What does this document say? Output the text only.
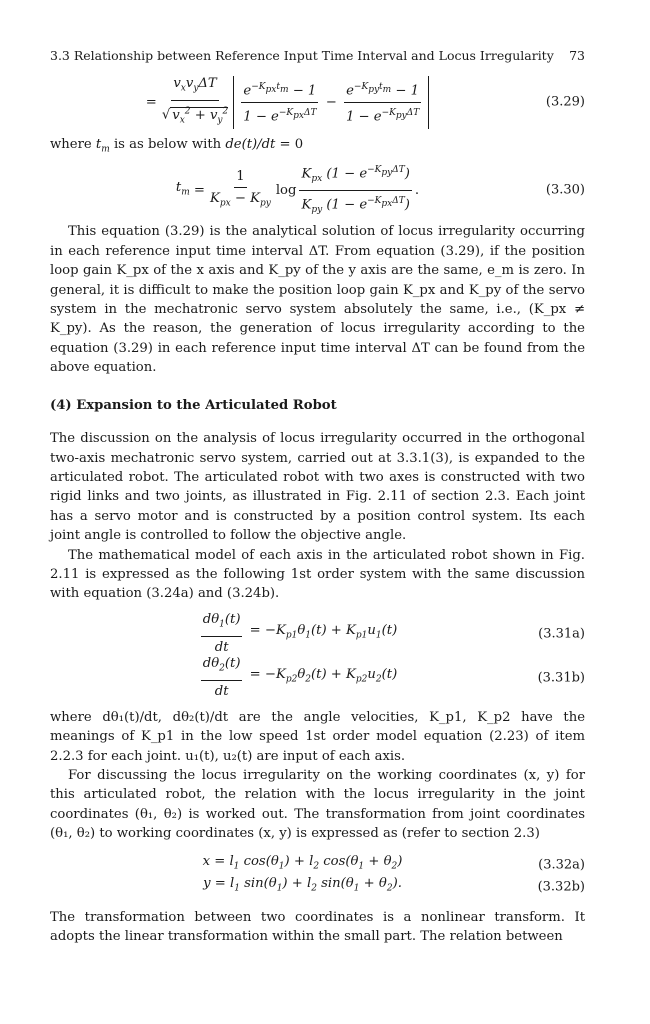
3.3 Relationship between Reference Input Time Interval and Locus Irregularity 73
= $\frac{v_xv_y\Delta T}{√ v_x^2 + v_y^2} \frac{e^{-K_{px}t_m} - 1}{1 - e^{-K_{px}\Delta T}} - \frac{e^{-K_{py}t_m} - 1}{1 - e^{-K_{py}\Delta T}}$	(3.29)

where $t_m$ is as below with de(t)/dt = 0

$t_m = \frac{1}{K_{px} - K_{py}}$ $\log \frac{K_{px} (1 - e^{-K_{py}\Delta T})}{K_{py} (1 - e^{-K_{px}\Delta T})}$ .	(3.30)

This equation (3.29) is the analytical solution of locus irregularity occurring in each reference input time interval ΔT. From equation (3.29), if the position loop gain K_px of the x axis and K_py of the y axis are the same, e_m is zero. In general, it is difficult to make the position loop gain K_px and K_py of the servo system in the mechatronic servo system absolutely the same, i.e., (K_px ≠ K_py). As the reason, the generation of locus irregularity according to the equation (3.29) in each reference input time interval ΔT can be found from the above equation.

(4) Expansion to the Articulated Robot

The discussion on the analysis of locus irregularity occurred in the orthogonal two-axis mechatronic servo system, carried out at 3.3.1(3), is expanded to the articulated robot. The articulated robot with two axes is constructed with two rigid links and two joints, as illustrated in Fig. 2.11 of section 2.3. Each joint has a servo motor and is constructed by a position control system. Its each joint angle is controlled to follow the objective angle.

The mathematical model of each axis in the articulated robot shown in Fig. 2.11 is expressed as the following 1st order system with the same discussion with equation (3.24a) and (3.24b).

$\frac{d\theta_1(t)}{dt} = -K_{p1}\theta_1(t) + K_{p1}u_1(t)$	(3.31a)
$\frac{d\theta_2(t)}{dt} = -K_{p2}\theta_2(t) + K_{p2}u_2(t)$	(3.31b)

where dθ₁(t)/dt, dθ₂(t)/dt are the angle velocities, K_p1, K_p2 have the meanings of K_p1 in the low speed 1st order model equation (2.23) of item 2.2.3 for each joint. u₁(t), u₂(t) are input of each axis.

For discussing the locus irregularity on the working coordinates (x, y) for this articulated robot, the relation with the locus irregularity in the joint coordinates (θ₁, θ₂) is worked out. The transformation from joint coordinates (θ₁, θ₂) to working coordinates (x, y) is expressed as (refer to section 2.3)

$x = l_1$ $\cos(\theta_1) + l_2$ $\cos(\theta_1 + \theta_2)$	(3.32a)
$y = l_1$ $\sin(\theta_1) + l_2$ $\sin(\theta_1 + \theta_2)$.	(3.32b)

The transformation between two coordinates is a nonlinear transform. It adopts the linear transformation within the small part. The relation between
